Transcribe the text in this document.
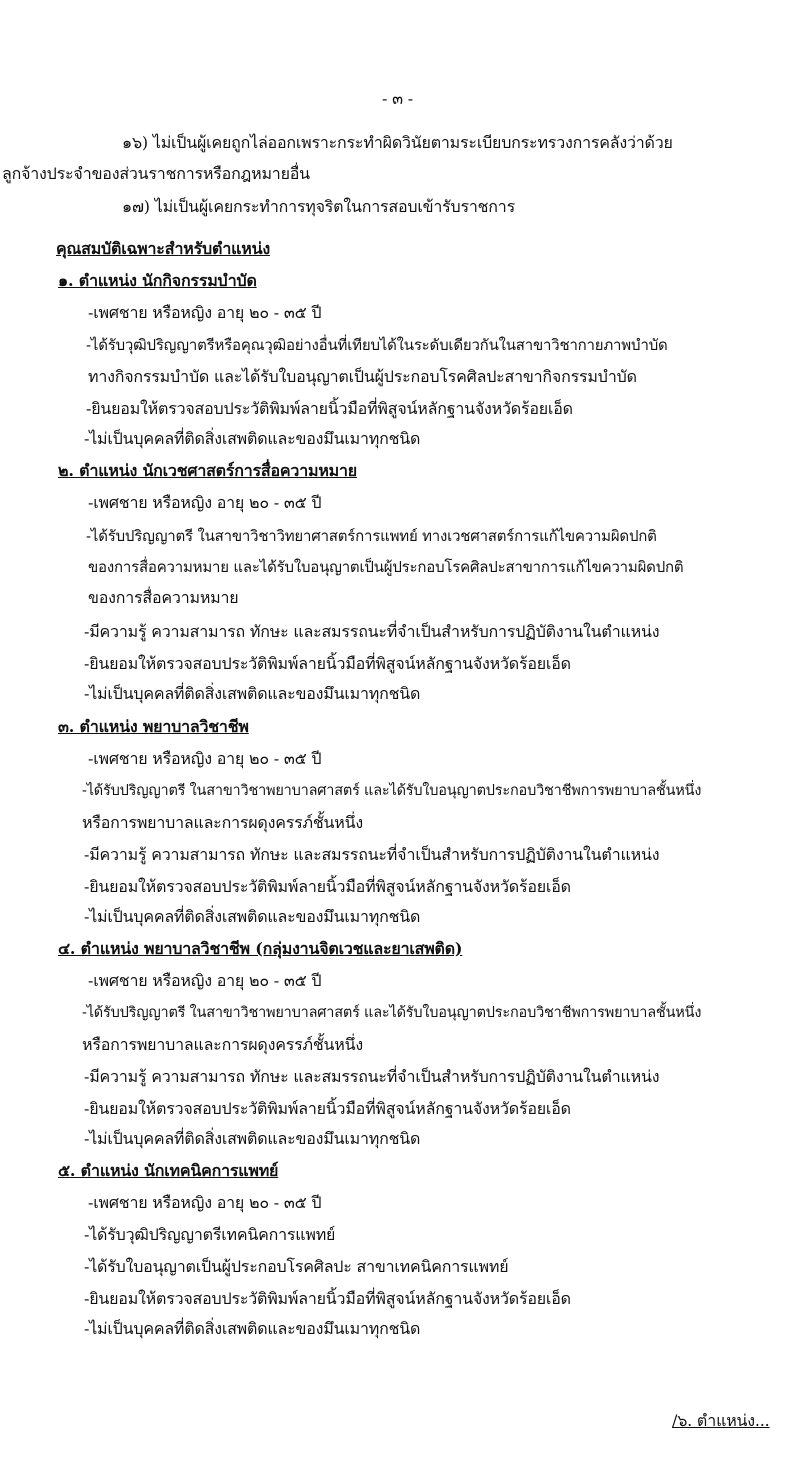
- ๓ -
๑๖) ไม่เป็นผู้เคยถูกไล่ออกเพราะกระทำผิดวินัยตามระเบียบกระทรวงการคลังว่าด้วย
ลูกจ้างประจำของส่วนราชการหรือกฎหมายอื่น
๑๗) ไม่เป็นผู้เคยกระทำการทุจริตในการสอบเข้ารับราชการ
คุณสมบัติเฉพาะสำหรับตำแหน่ง
๑. ตำแหน่ง นักกิจกรรมบำบัด
-เพศชาย หรือหญิง อายุ ๒๐ - ๓๕ ปี
-ได้รับวุฒิปริญญาตรีหรือคุณวุฒิอย่างอื่นที่เทียบได้ในระดับเดียวกันในสาขาวิชากายภาพบำบัด
ทางกิจกรรมบำบัด และได้รับใบอนุญาตเป็นผู้ประกอบโรคศิลปะสาขากิจกรรมบำบัด
-ยินยอมให้ตรวจสอบประวัติพิมพ์ลายนิ้วมือที่พิสูจน์หลักฐานจังหวัดร้อยเอ็ด
-ไม่เป็นบุคคลที่ติดสิ่งเสพติดและของมึนเมาทุกชนิด
๒. ตำแหน่ง นักเวชศาสตร์การสื่อความหมาย
-เพศชาย หรือหญิง อายุ ๒๐ - ๓๕ ปี
-ได้รับปริญญาตรี ในสาขาวิชาวิทยาศาสตร์การแพทย์ ทางเวชศาสตร์การแก้ไขความผิดปกติ
ของการสื่อความหมาย และได้รับใบอนุญาตเป็นผู้ประกอบโรคศิลปะสาขาการแก้ไขความผิดปกติ
ของการสื่อความหมาย
-มีความรู้ ความสามารถ ทักษะ และสมรรถนะที่จำเป็นสำหรับการปฏิบัติงานในตำแหน่ง
-ยินยอมให้ตรวจสอบประวัติพิมพ์ลายนิ้วมือที่พิสูจน์หลักฐานจังหวัดร้อยเอ็ด
-ไม่เป็นบุคคลที่ติดสิ่งเสพติดและของมึนเมาทุกชนิด
๓. ตำแหน่ง พยาบาลวิชาชีพ
-เพศชาย หรือหญิง อายุ ๒๐ - ๓๕ ปี
-ได้รับปริญญาตรี ในสาขาวิชาพยาบาลศาสตร์ และได้รับใบอนุญาตประกอบวิชาชีพการพยาบาลชั้นหนึ่ง
หรือการพยาบาลและการผดุงครรภ์ชั้นหนึ่ง
-มีความรู้ ความสามารถ ทักษะ และสมรรถนะที่จำเป็นสำหรับการปฏิบัติงานในตำแหน่ง
-ยินยอมให้ตรวจสอบประวัติพิมพ์ลายนิ้วมือที่พิสูจน์หลักฐานจังหวัดร้อยเอ็ด
-ไม่เป็นบุคคลที่ติดสิ่งเสพติดและของมึนเมาทุกชนิด
๔. ตำแหน่ง พยาบาลวิชาชีพ (กลุ่มงานจิตเวชและยาเสพติด)
-เพศชาย หรือหญิง อายุ ๒๐ - ๓๕ ปี
-ได้รับปริญญาตรี ในสาขาวิชาพยาบาลศาสตร์ และได้รับใบอนุญาตประกอบวิชาชีพการพยาบาลชั้นหนึ่ง
หรือการพยาบาลและการผดุงครรภ์ชั้นหนึ่ง
-มีความรู้ ความสามารถ ทักษะ และสมรรถนะที่จำเป็นสำหรับการปฏิบัติงานในตำแหน่ง
-ยินยอมให้ตรวจสอบประวัติพิมพ์ลายนิ้วมือที่พิสูจน์หลักฐานจังหวัดร้อยเอ็ด
-ไม่เป็นบุคคลที่ติดสิ่งเสพติดและของมึนเมาทุกชนิด
๕. ตำแหน่ง นักเทคนิคการแพทย์
-เพศชาย หรือหญิง อายุ ๒๐ - ๓๕ ปี
-ได้รับวุฒิปริญญาตรีเทคนิคการแพทย์
-ได้รับใบอนุญาตเป็นผู้ประกอบโรคศิลปะ สาขาเทคนิคการแพทย์
-ยินยอมให้ตรวจสอบประวัติพิมพ์ลายนิ้วมือที่พิสูจน์หลักฐานจังหวัดร้อยเอ็ด
-ไม่เป็นบุคคลที่ติดสิ่งเสพติดและของมึนเมาทุกชนิด
/๖. ตำแหน่ง...
